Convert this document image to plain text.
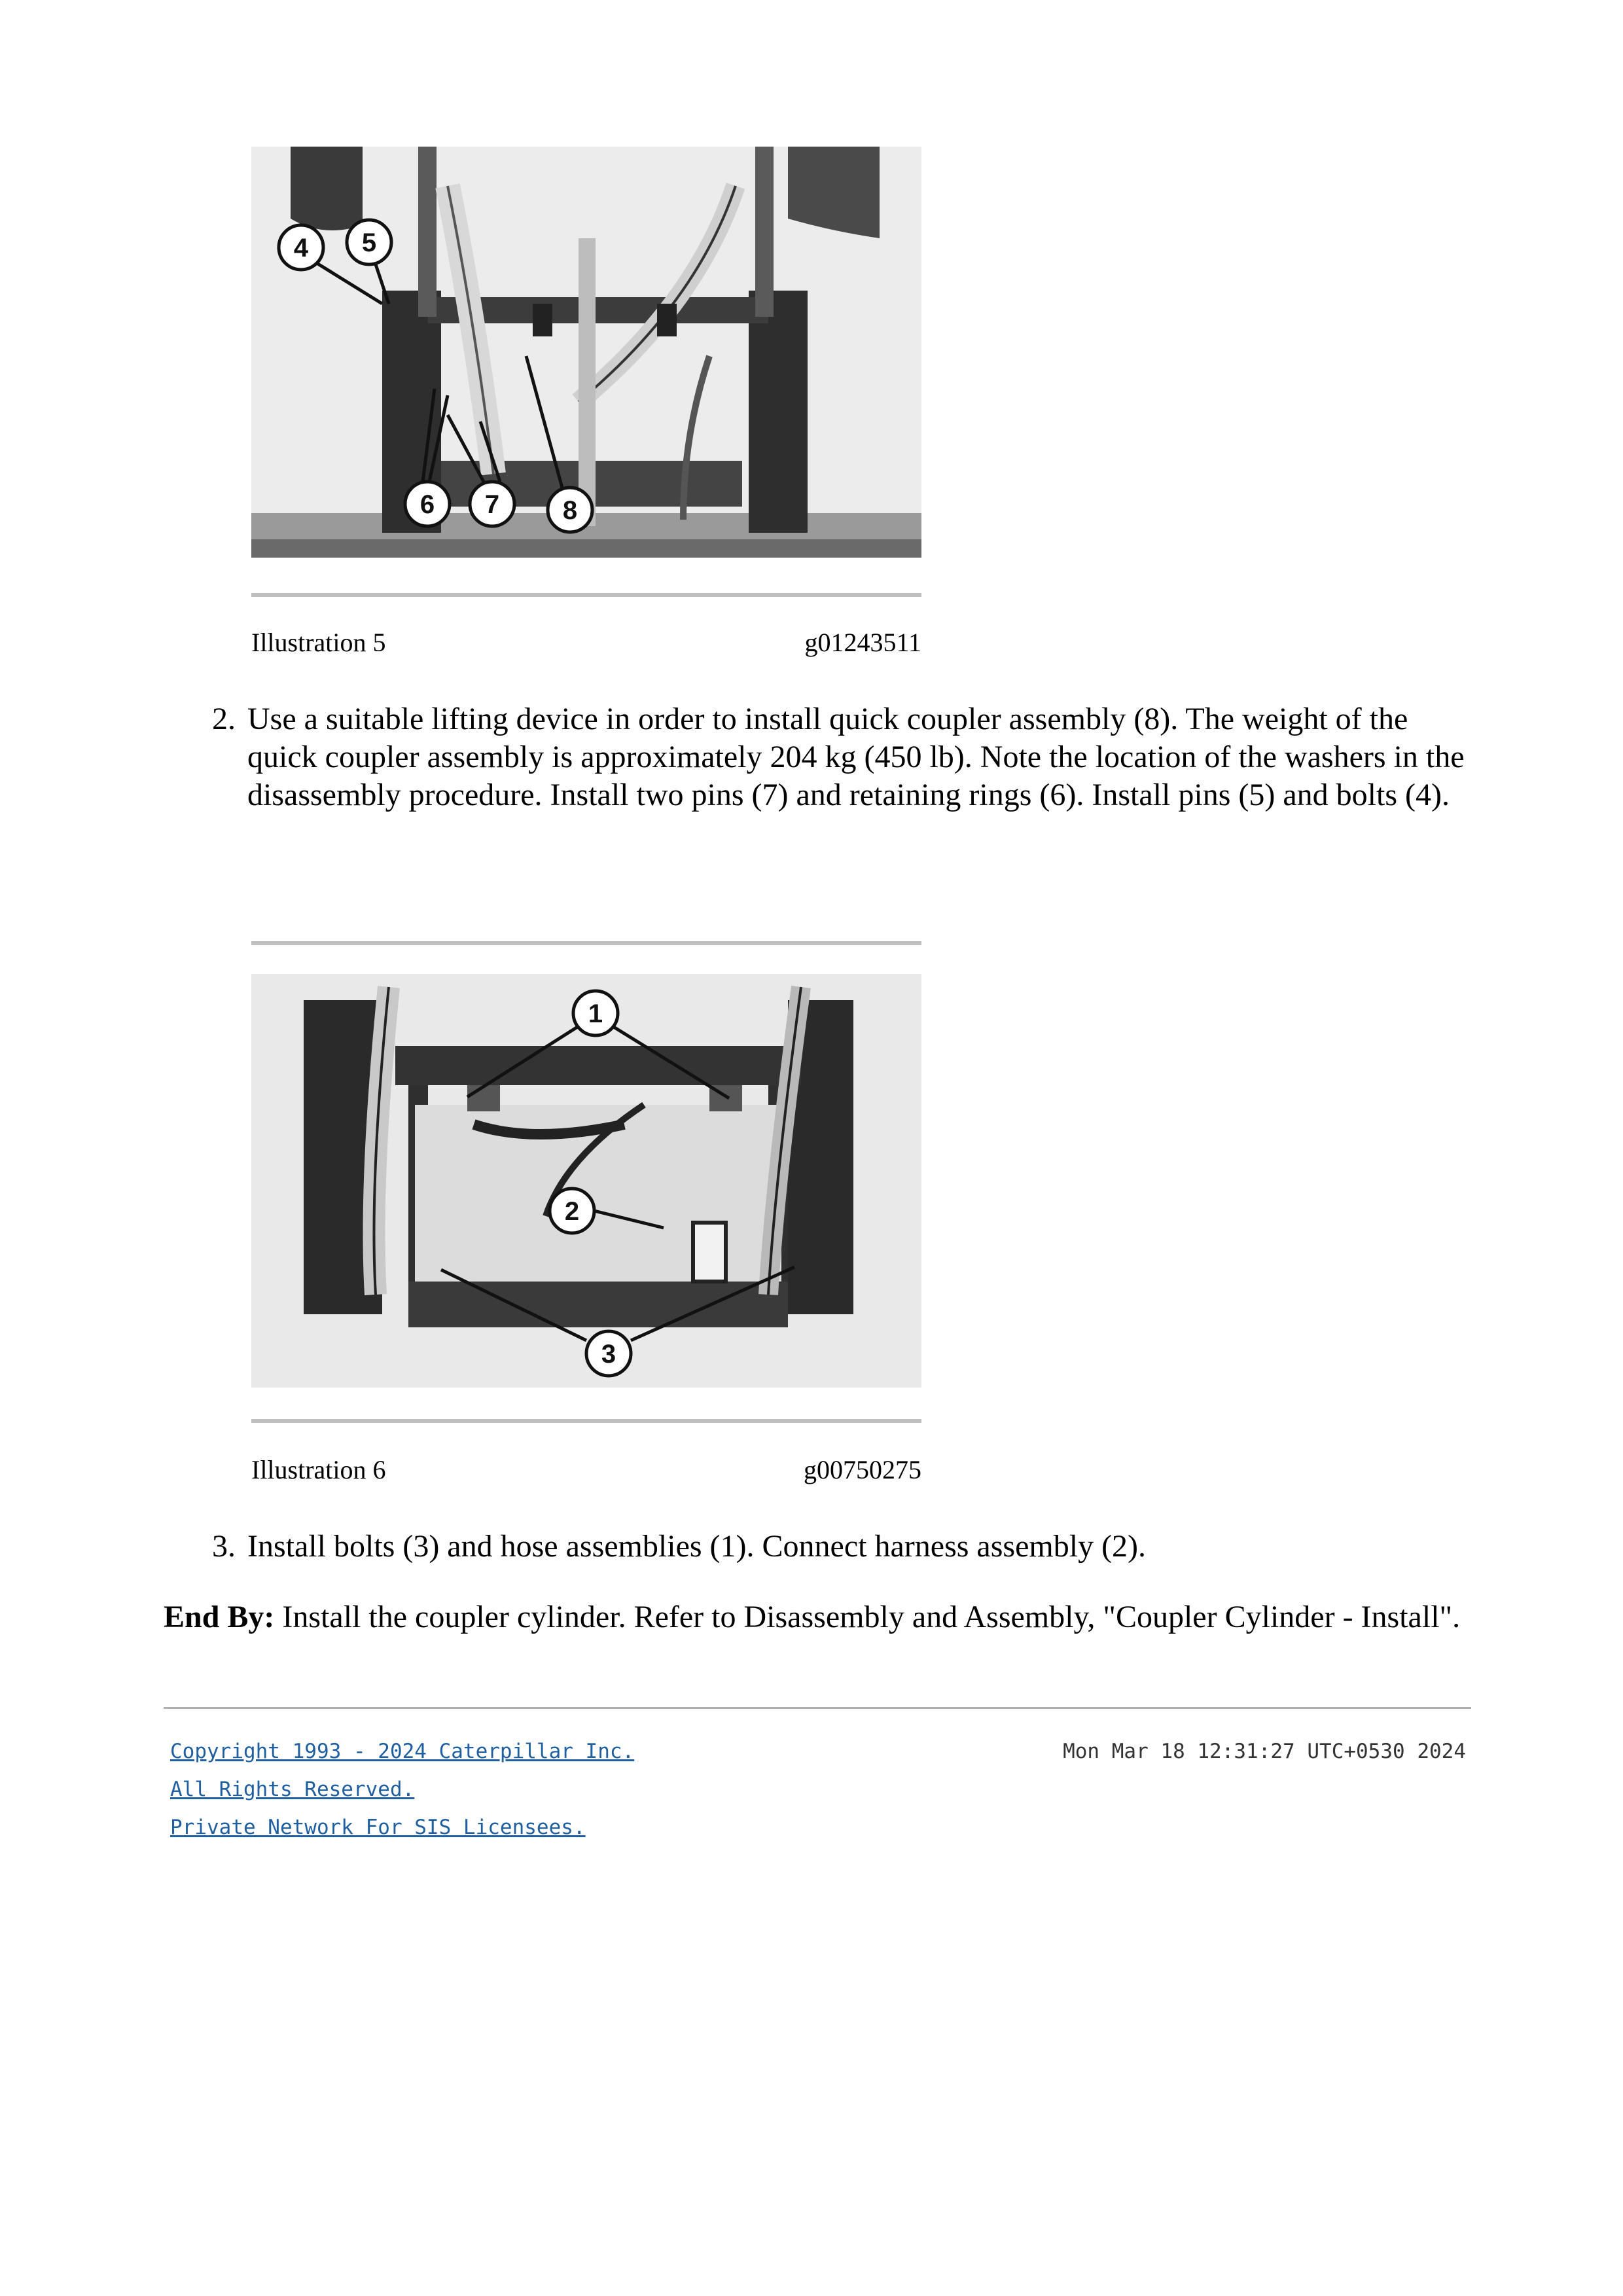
4 5
6 7 8
Illustration 5	g01243511
2. Use a suitable lifting device in order to install quick coupler assembly (8). The weight of the quick coupler assembly is approximately 204 kg (450 lb). Note the location of the washers in the disassembly procedure. Install two pins (7) and retaining rings (6). Install pins (5) and bolts (4).
1
2
3
Illustration 6	g00750275
3. Install bolts (3) and hose assemblies (1). Connect harness assembly (2).
End By: Install the coupler cylinder. Refer to Disassembly and Assembly, "Coupler Cylinder - Install".
Copyright 1993 - 2024 Caterpillar Inc.
All Rights Reserved.
Private Network For SIS Licensees.
Mon Mar 18 12:31:27 UTC+0530 2024
